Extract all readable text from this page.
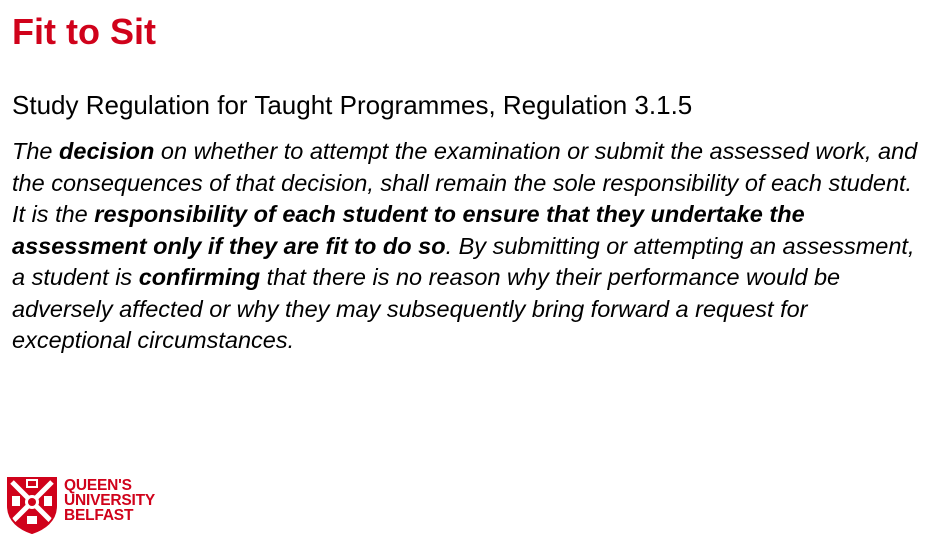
Fit to Sit
Study Regulation for Taught Programmes, Regulation 3.1.5

The decision on whether to attempt the examination or submit the assessed work, and the consequences of that decision, shall remain the sole responsibility of each student. It is the responsibility of each student to ensure that they undertake the assessment only if they are fit to do so. By submitting or attempting an assessment, a student is confirming that there is no reason why their performance would be adversely affected or why they may subsequently bring forward a request for exceptional circumstances.

QUEEN'S
UNIVERSITY
BELFAST
